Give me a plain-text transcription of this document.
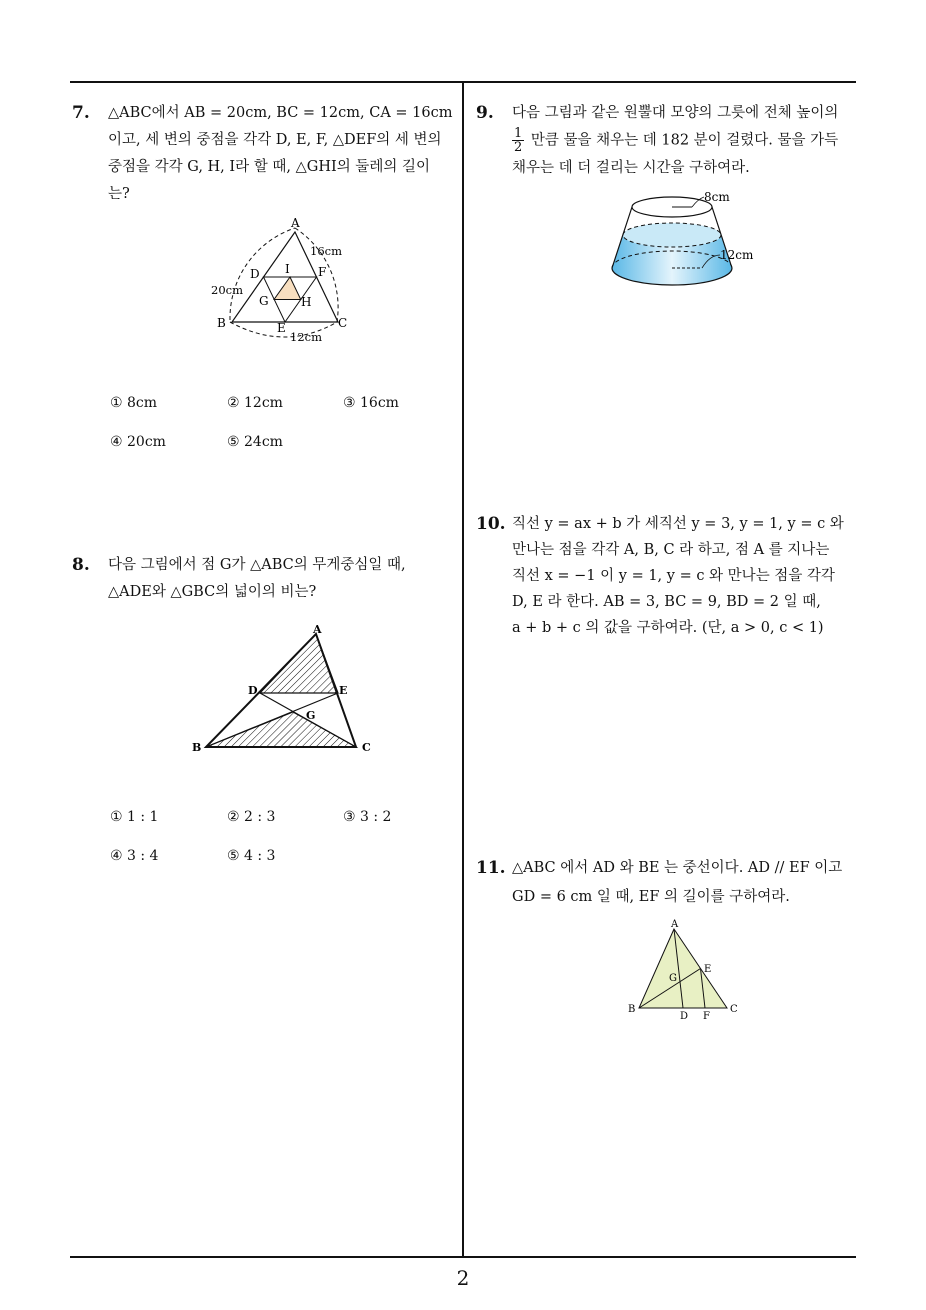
7. △ABC에서 AB = 20cm, BC = 12cm, CA = 16cm
이고, 세 변의 중점을 각각 D, E, F, △DEF의 세 변의
중점을 각각 G, H, I라 할 때, △GHI의 둘레의 길이
는?
A
B	C
D
E
F
G	H
I
16cm
20cm
12cm
① 8cm	② 12cm	③ 16cm
④ 20cm	⑤ 24cm
8. 다음 그림에서 점 G가 △ABC의 무게중심일 때,
△ADE와 △GBC의 넓이의 비는?
A
B	C
D	E
G
① 1 : 1	② 2 : 3	③ 3 : 2
④ 3 : 4	⑤ 4 : 3
9. 다음 그림과 같은 원뿔대 모양의 그릇에 전체 높이의
$\frac{1}{2}$ 만큼 물을 채우는 데 182 분이 걸렸다. 물을 가득
채우는 데 더 걸리는 시간을 구하여라.
8cm
12cm
10. 직선 y = ax + b 가 세직선 y = 3, y = 1, y = c 와
만나는 점을 각각 A, B, C 라 하고, 점 A 를 지나는
직선 x = −1 이 y = 1, y = c 와 만나는 점을 각각
D, E 라 한다. AB = 3, BC = 9, BD = 2 일 때,
a + b + c 의 값을 구하여라. (단, a > 0, c < 1)
11. △ABC 에서 AD 와 BE 는 중선이다. AD // EF 이고
GD = 6 cm 일 때, EF 의 길이를 구하여라.
A
B	C
D
E
F
G
2
